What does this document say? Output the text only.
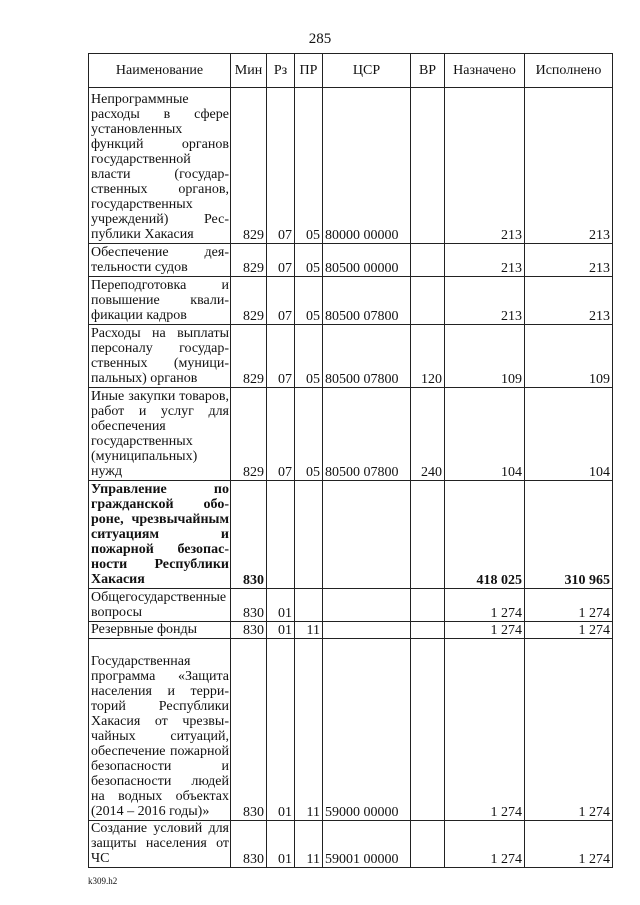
285
Наименование	Мин	Рз	ПР	ЦСР	ВР	Назначено	Исполнено
Непрограммные расходы в сфере установленных функций органов государственной власти (государственных органов, государственных учреждений) Республики Хакасия	829	07	05	80000 00000		213	213
Обеспечение деятельности судов	829	07	05	80500 00000		213	213
Переподготовка и повышение квалификации кадров	829	07	05	80500 07800		213	213
Расходы на выплаты персоналу государственных (муниципальных) органов	829	07	05	80500 07800	120	109	109
Иные закупки товаров, работ и услуг для обеспечения государственных (муниципальных) нужд	829	07	05	80500 07800	240	104	104
Управление по гражданской обороне, чрезвычайным ситуациям и пожарной безопасности Республики Хакасия	830					418 025	310 965
Общегосударственные вопросы	830	01				1 274	1 274
Резервные фонды	830	01	11			1 274	1 274
Государственная программа «Защита населения и территорий Республики Хакасия от чрезвычайных ситуаций, обеспечение пожарной безопасности и безопасности людей на водных объектах (2014 – 2016 годы)»	830	01	11	59000 00000		1 274	1 274
Создание условий для защиты населения от ЧС	830	01	11	59001 00000		1 274	1 274
k309.h2
